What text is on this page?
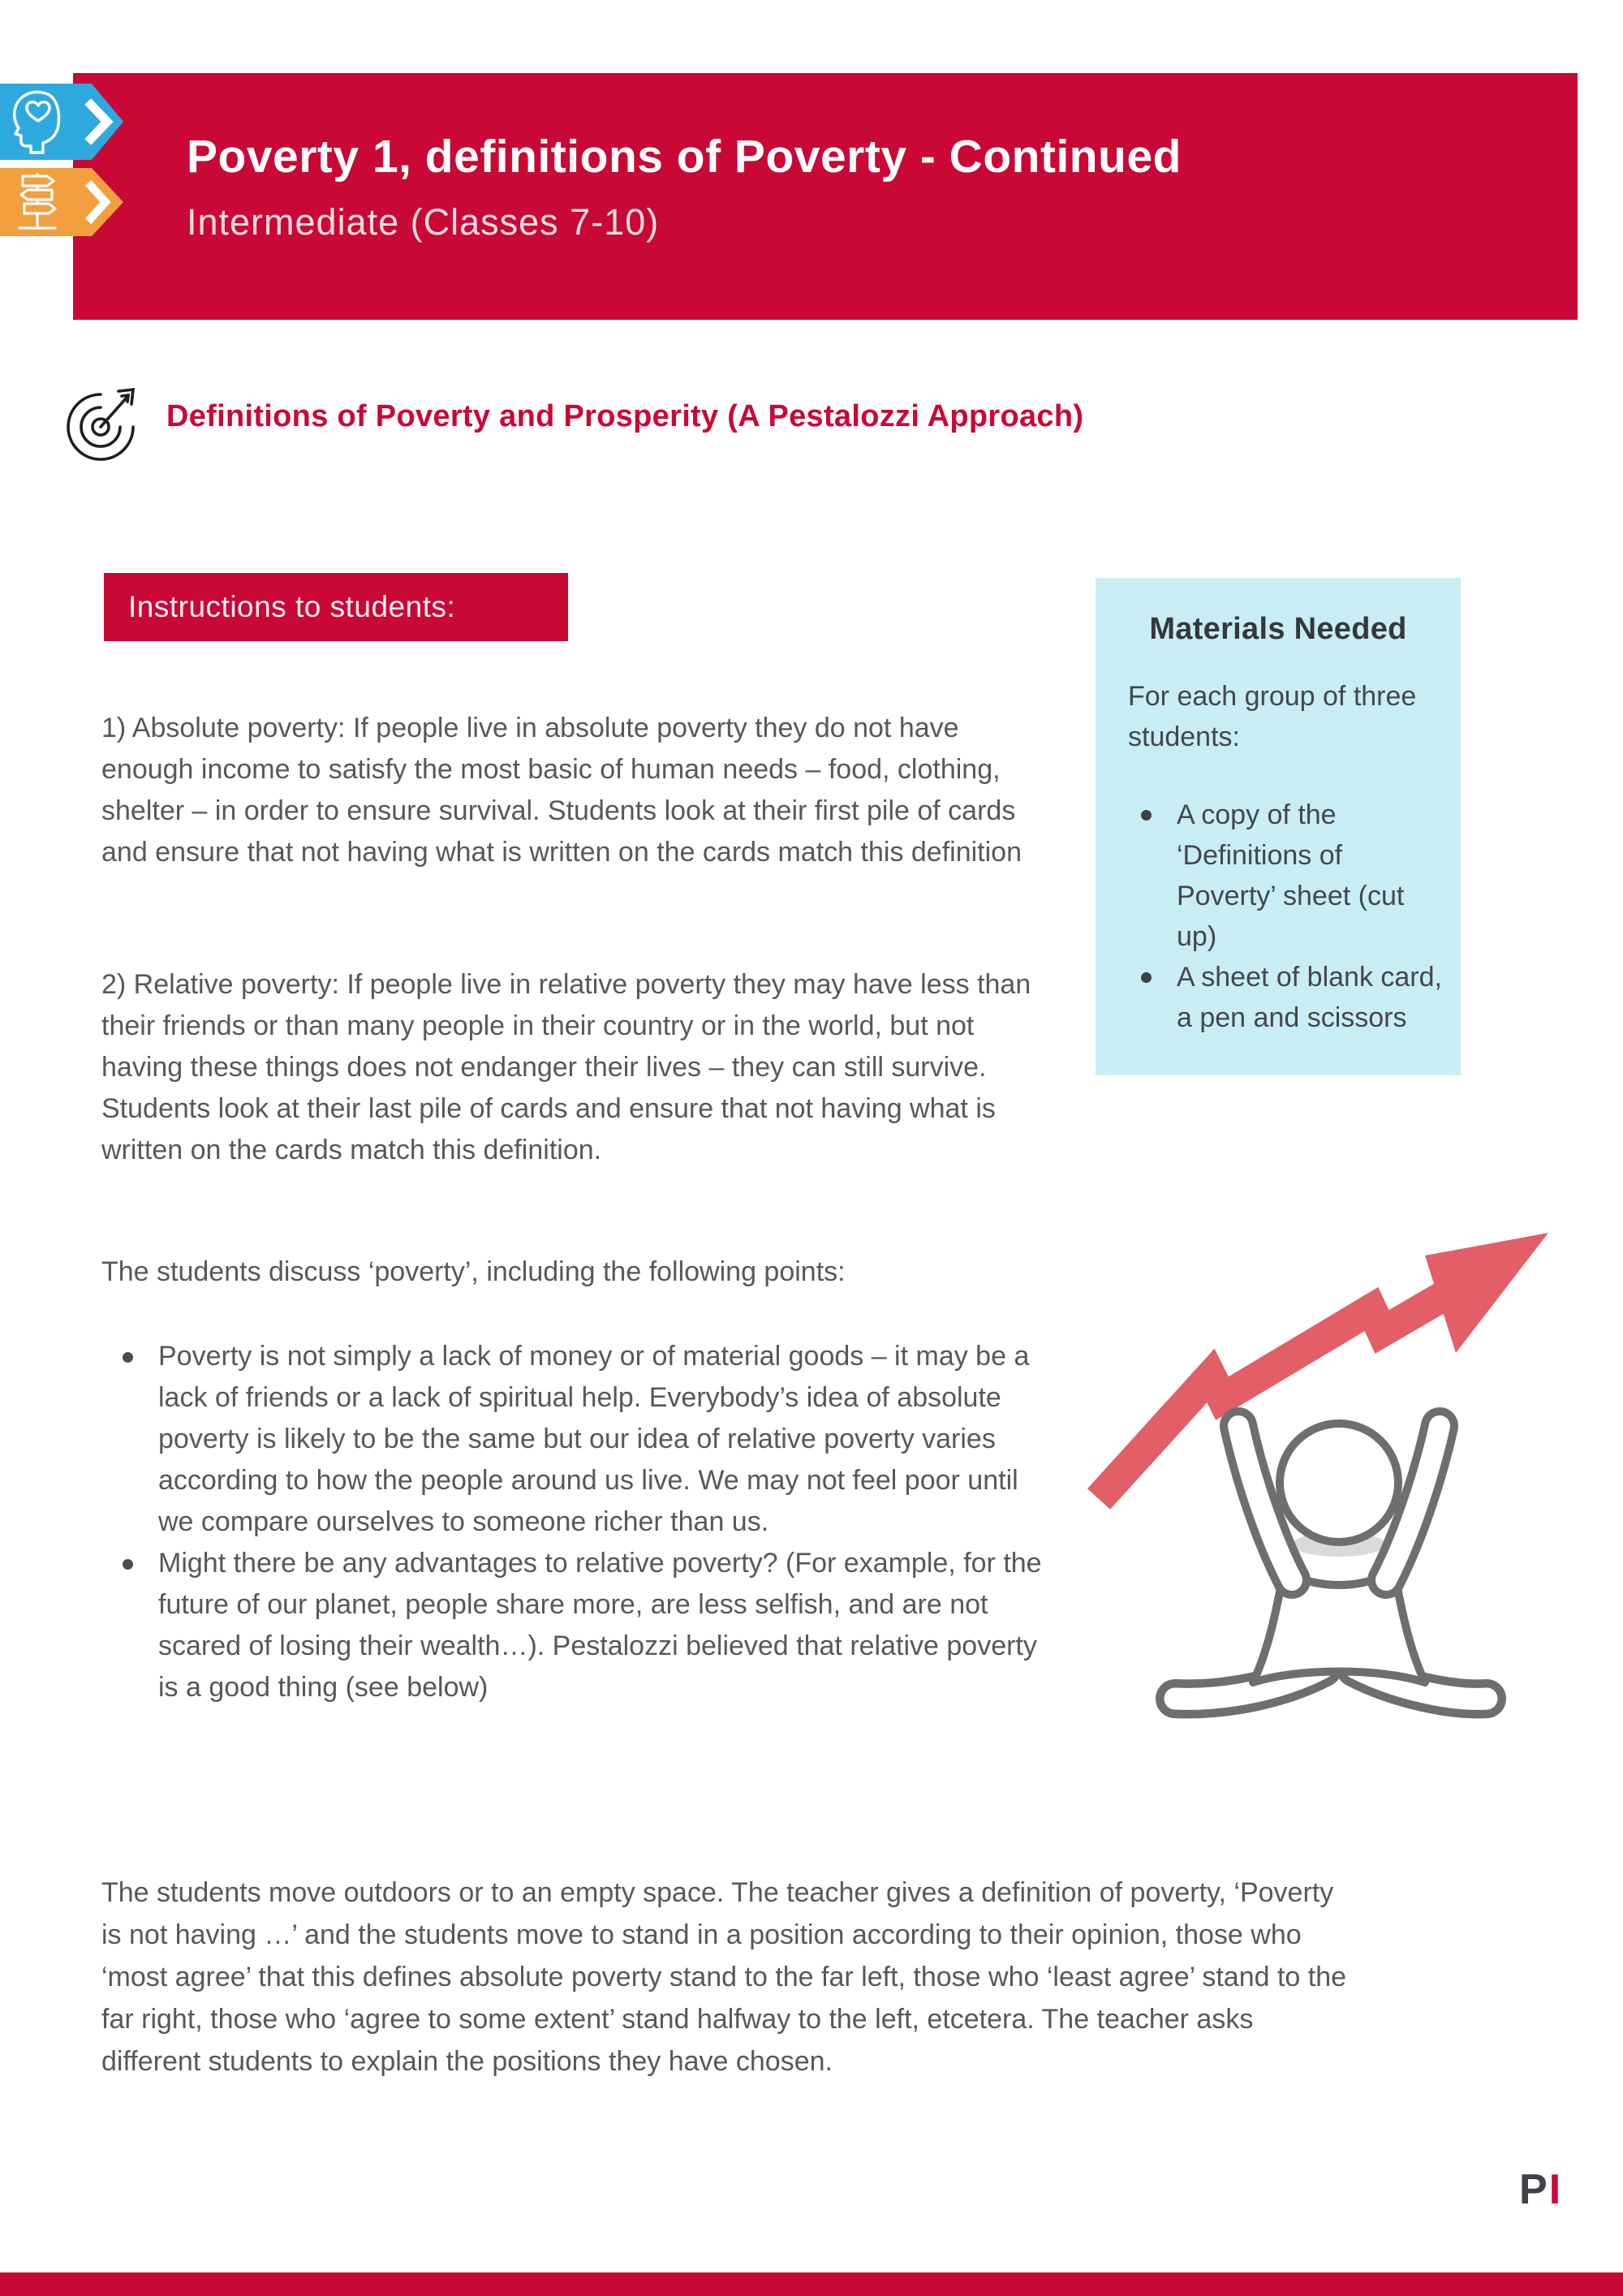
Poverty 1, definitions of Poverty - Continued
Intermediate (Classes 7-10)
Definitions of Poverty and Prosperity (A Pestalozzi Approach)
Instructions to students:
1) Absolute poverty: If people live in absolute poverty they do not have enough income to satisfy the most basic of human needs – food, clothing, shelter – in order to ensure survival. Students look at their first pile of cards and ensure that not having what is written on the cards match this definition
2) Relative poverty: If people live in relative poverty they may have less than their friends or than many people in their country or in the world, but not having these things does not endanger their lives – they can still survive. Students look at their last pile of cards and ensure that not having what is written on the cards match this definition.
The students discuss ‘poverty’, including the following points:
Poverty is not simply a lack of money or of material goods – it may be a lack of friends or a lack of spiritual help. Everybody’s idea of absolute poverty is likely to be the same but our idea of relative poverty varies according to how the people around us live. We may not feel poor until we compare ourselves to someone richer than us.
Might there be any advantages to relative poverty? (For example, for the future of our planet, people share more, are less selfish, and are not scared of losing their wealth…). Pestalozzi believed that relative poverty is a good thing (see below)
The students move outdoors or to an empty space. The teacher gives a definition of poverty, ‘Poverty is not having …’ and the students move to stand in a position according to their opinion, those who ‘most agree’ that this defines absolute poverty stand to the far left, those who ‘least agree’ stand to the far right, those who ‘agree to some extent’ stand halfway to the left, etcetera. The teacher asks different students to explain the positions they have chosen.
Materials Needed
For each group of three students:
A copy of the ‘Definitions of Poverty’ sheet (cut up)
A sheet of blank card, a pen and scissors
PI
